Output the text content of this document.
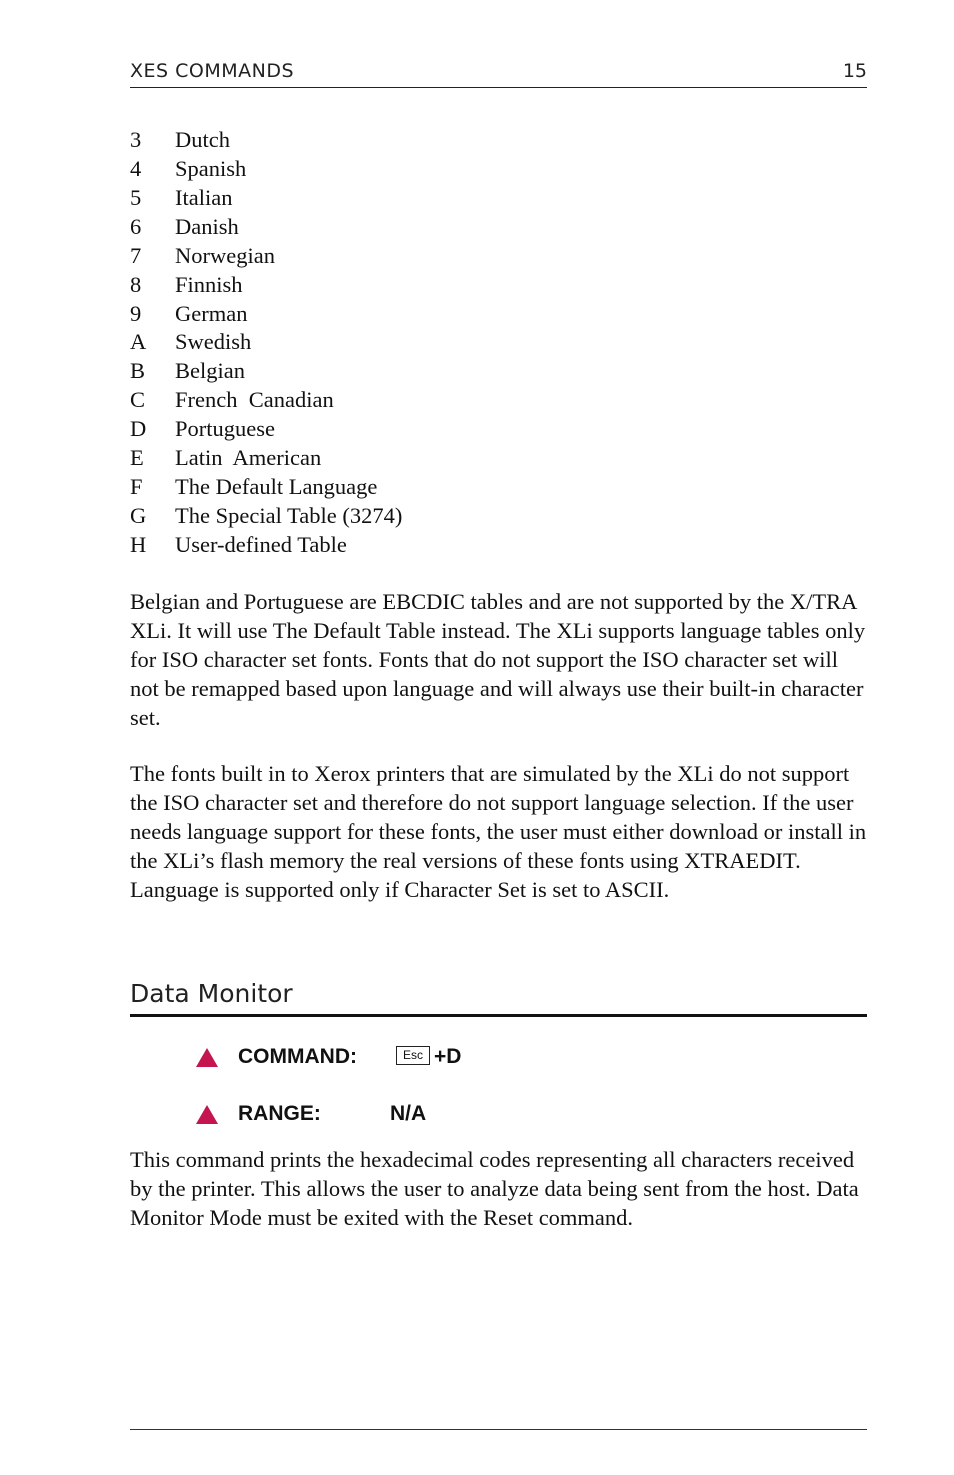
XES COMMANDS	15
3	Dutch
4	Spanish
5	Italian
6	Danish
7	Norwegian
8	Finnish
9	German
A	Swedish
B	Belgian
C	French  Canadian
D	Portuguese
E	Latin  American
F	The Default Language
G	The Special Table (3274)
H	User-defined Table

Belgian and Portuguese are EBCDIC tables and are not supported by the X/TRA XLi. It will use The Default Table instead. The XLi supports language tables only for ISO character set fonts. Fonts that do not support the ISO character set will not be remapped based upon language and will always use their built-in character set.

The fonts built in to Xerox printers that are simulated by the XLi do not support the ISO character set and therefore do not support language selection. If the user needs language support for these fonts, the user must either download or install in the XLi’s flash memory the real versions of these fonts using XTRAEDIT. Language is supported only if Character Set is set to ASCII.

Data Monitor
COMMAND:	Esc +D
RANGE:	N/A

This command prints the hexadecimal codes representing all characters received by the printer. This allows the user to analyze data being sent from the host. Data Monitor Mode must be exited with the Reset command.
